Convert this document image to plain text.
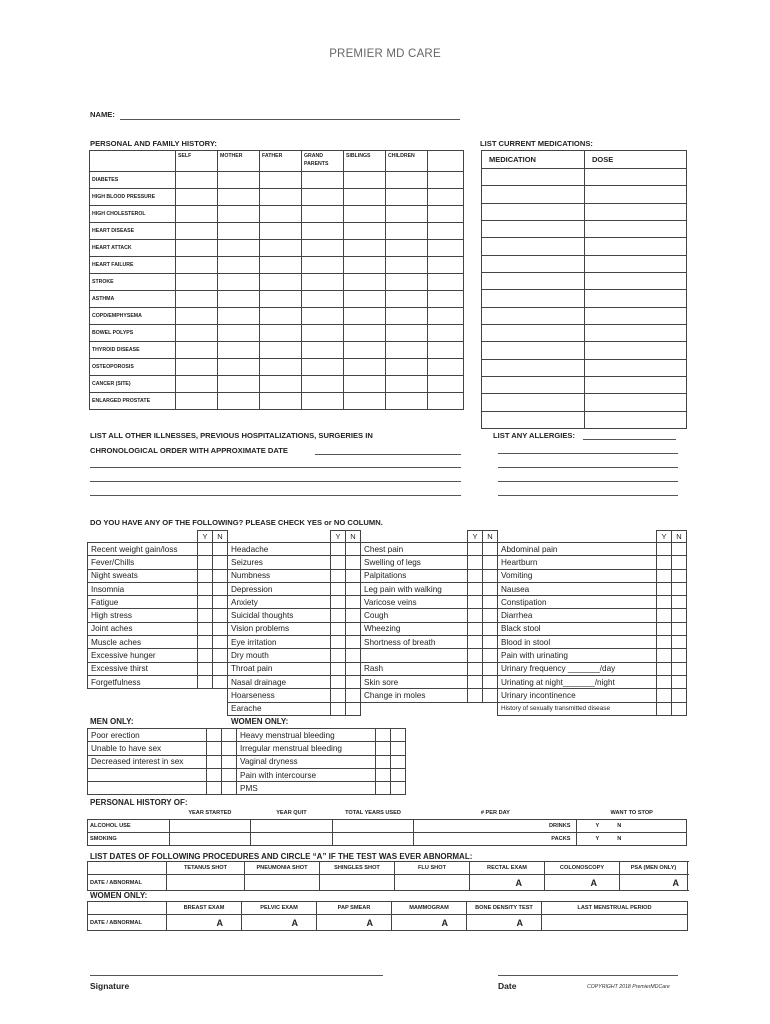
PREMIER MD CARE
NAME:
PERSONAL AND FAMILY HISTORY:
	SELF	MOTHER	FATHER	GRAND PARENTS	SIBLINGS	CHILDREN	
DIABETES							
HIGH BLOOD PRESSURE							
HIGH CHOLESTEROL							
HEART DISEASE							
HEART ATTACK							
HEART FAILURE							
STROKE							
ASTHMA							
COPD/EMPHYSEMA							
BOWEL POLYPS							
THYROID DISEASE							
OSTEOPOROSIS							
CANCER (SITE)							
ENLARGED PROSTATE							
LIST CURRENT MEDICATIONS:
MEDICATION	DOSE

LIST ALL OTHER ILLNESSES, PREVIOUS HOSPITALIZATIONS, SURGERIES IN
CHRONOLOGICAL ORDER WITH APPROXIMATE DATE
LIST ANY ALLERGIES:
DO YOU HAVE ANY OF THE FOLLOWING? PLEASE CHECK YES or NO COLUMN.
	Y	N		Y	N		Y	N		Y	N
Recent weight gain/loss			Headache			Chest pain			Abdominal pain		
Fever/Chills			Seizures			Swelling of legs			Heartburn		
Night sweats			Numbness			Palpitations			Vomiting		
Insomnia			Depression			Leg pain with walking			Nausea		
Fatigue			Anxiety			Varicose veins			Constipation		
High stress			Suicidal thoughts			Cough			Diarrhea		
Joint aches			Vision problems			Wheezing			Black stool		
Muscle aches			Eye irritation			Shortness of breath			Blood in stool		
Excessive hunger			Dry mouth						Pain with urinating		
Excessive thirst			Throat pain			Rash			Urinary frequency _______/day		
Forgetfulness			Nasal drainage			Skin sore			Urinating at night_______/night		
			Hoarseness			Change in moles			Urinary incontinence		
			Earache						History of sexually transmitted disease		
MEN ONLY:	WOMEN ONLY:
Poor erection			Heavy menstrual bleeding		
Unable to have sex			Irregular menstrual bleeding		
Decreased interest in sex			Vaginal dryness		
			Pain with intercourse		
			PMS		
PERSONAL HISTORY OF:
	YEAR STARTED	YEAR QUIT	TOTAL YEARS USED	# PER DAY	WANT TO STOP
ALCOHOL USE				DRINKS	Y N
SMOKING				PACKS	Y N
LIST DATES OF FOLLOWING PROCEDURES AND CIRCLE “A” IF THE TEST WAS EVER ABNORMAL:
	TETANUS SHOT	PNEUMONIA SHOT	SHINGLES SHOT	FLU SHOT	RECTAL EXAM	COLONOSCOPY	PSA (MEN ONLY)
DATE / ABNORMAL					A	A	A
WOMEN ONLY:
	BREAST EXAM	PELVIC EXAM	PAP SMEAR	MAMMOGRAM	BONE DENSITY TEST	LAST MENSTRUAL PERIOD
DATE / ABNORMAL	A	A	A	A	A	

Signature	Date	COPYRIGHT 2018 PremierMDCare
